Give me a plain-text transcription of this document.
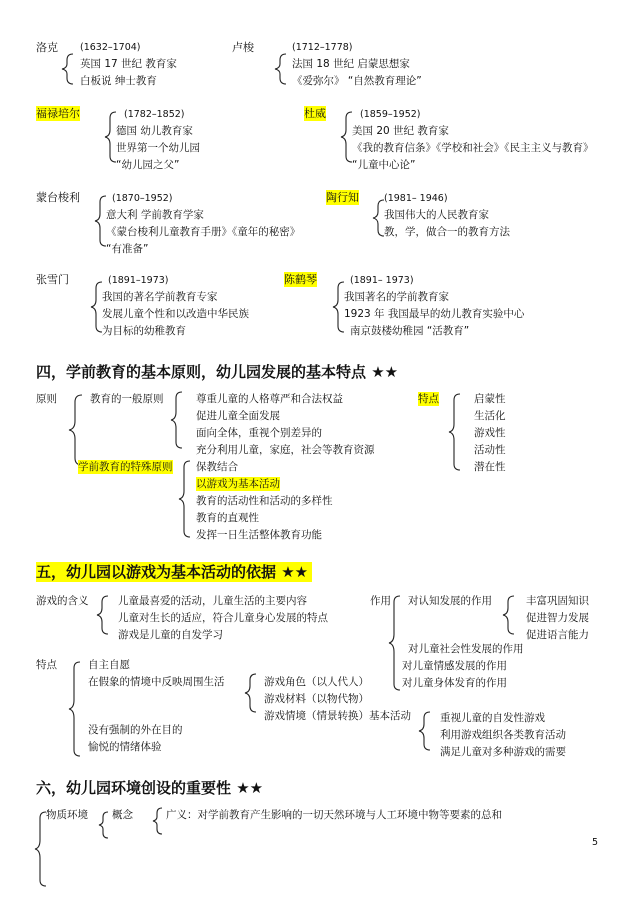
洛克 (1632–1704)
英国 17 世纪 教育家
白板说 绅士教育
卢梭	(1712–1778)
法国 18 世纪 启蒙思想家
《爱弥尔》 “自然教育理论”
福禄培尔	(1782–1852)
德国 幼儿教育家
世界第一个幼儿园
“幼儿园之父”
杜威	(1859–1952)
美国 20 世纪 教育家
《我的教育信条》《学校和社会》《民主主义与教育》
“儿童中心论”
蒙台梭利	(1870–1952)
意大利 学前教育学家
《蒙台梭利儿童教育手册》《童年的秘密》
“有准备”
陶行知	(1981– 1946)
我国伟大的人民教育家
教，学，做合一的教育方法
张雪门	(1891–1973)
我国的著名学前教育专家
发展儿童个性和以改造中华民族
为目标的幼稚教育
陈鹤琴	(1891– 1973)
我国著名的学前教育家
1923 年 我国最早的幼儿教育实验中心
南京鼓楼幼稚园 “活教育”
四，学前教育的基本原则，幼儿园发展的基本特点 ★★
原则	教育的一般原则	尊重儿童的人格尊严和合法权益
促进儿童全面发展
面向全体，重视个别差异的
充分利用儿童，家庭，社会等教育资源
学前教育的特殊原则 保教结合
以游戏为基本活动
教育的活动性和活动的多样性
教育的直观性
发挥一日生活整体教育功能
特点	启蒙性
生活化
游戏性
活动性
潜在性
五，幼儿园以游戏为基本活动的依据 ★★
游戏的含义	儿童最喜爱的活动，儿童生活的主要内容
儿童对生长的适应，符合儿童身心发展的特点
游戏是儿童的自发学习
作用 对认知发展的作用	丰富巩固知识
促进智力发展
促进语言能力
对儿童社会性发展的作用
对儿童情感发展的作用
对儿童身体发育的作用
特点	自主自愿
在假象的情境中反映周围生活
没有强制的外在目的
愉悦的情绪体验
游戏角色（以人代人）
游戏材料（以物代物）
游戏情境（情景转换）基本活动	重视儿童的自发性游戏
利用游戏组织各类教育活动
满足儿童对多种游戏的需要
六，幼儿园环境创设的重要性 ★★
物质环境 概念	广义：对学前教育产生影响的一切天然环境与人工环境中物等要素的总和
5
